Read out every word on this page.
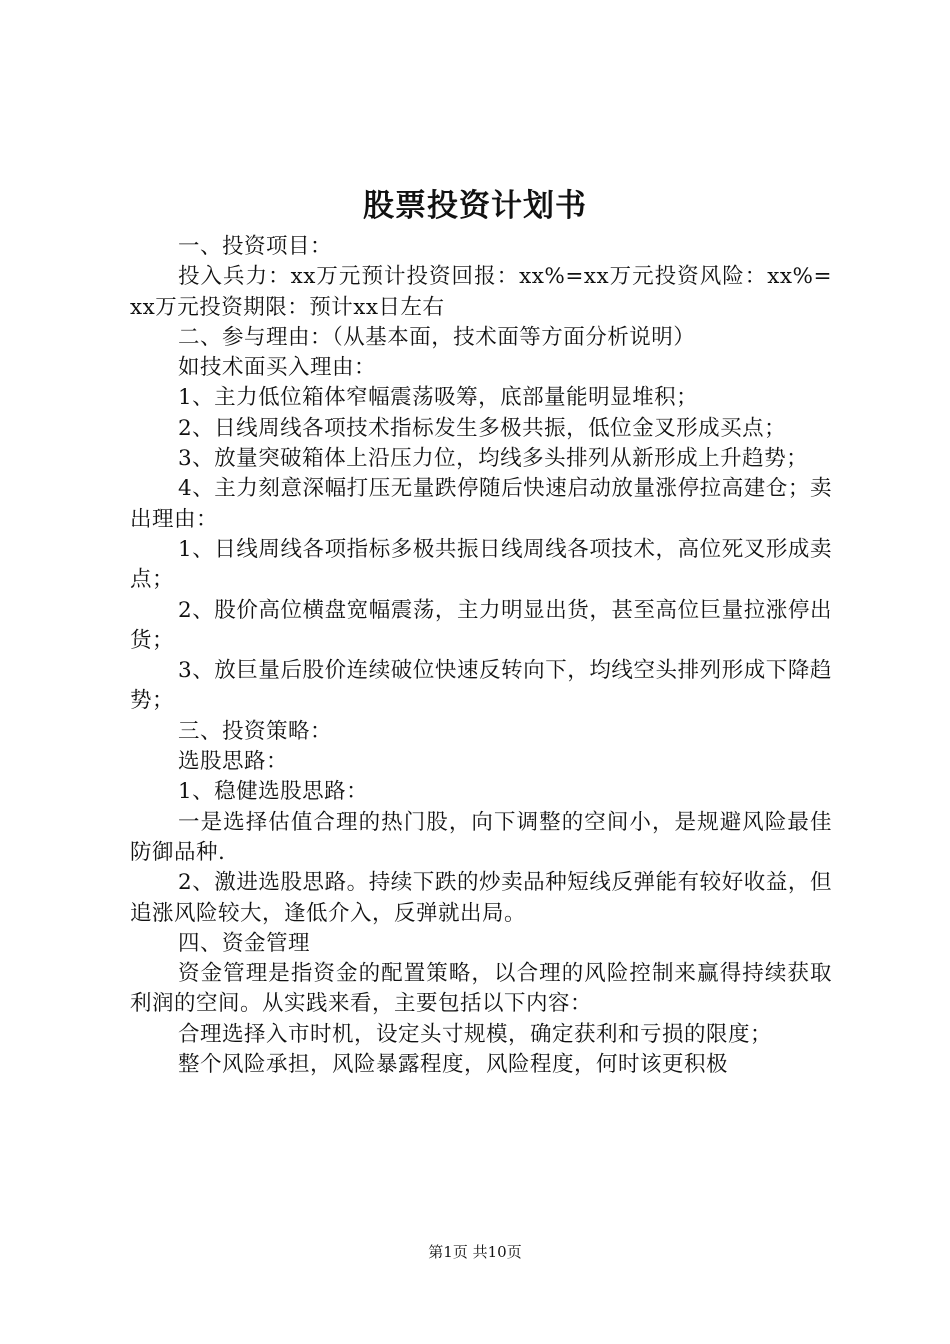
股票投资计划书

一、投资项目：

投入兵力：xx万元预计投资回报：xx%=xx万元投资风险：xx%=xx万元投资期限：预计xx日左右

二、参与理由：（从基本面，技术面等方面分析说明）

如技术面买入理由：

1、主力低位箱体窄幅震荡吸筹，底部量能明显堆积；

2、日线周线各项技术指标发生多极共振，低位金叉形成买点；

3、放量突破箱体上沿压力位，均线多头排列从新形成上升趋势；

4、主力刻意深幅打压无量跌停随后快速启动放量涨停拉高建仓；卖出理由：

1、日线周线各项指标多极共振日线周线各项技术，高位死叉形成卖点；

2、股价高位横盘宽幅震荡，主力明显出货，甚至高位巨量拉涨停出货；

3、放巨量后股价连续破位快速反转向下，均线空头排列形成下降趋势；

三、投资策略：

选股思路：

1、稳健选股思路：

一是选择估值合理的热门股，向下调整的空间小，是规避风险最佳防御品种.

2、激进选股思路。持续下跌的炒卖品种短线反弹能有较好收益，但追涨风险较大，逢低介入，反弹就出局。

四、资金管理

资金管理是指资金的配置策略，以合理的风险控制来赢得持续获取利润的空间。从实践来看，主要包括以下内容：

合理选择入市时机，设定头寸规模，确定获利和亏损的限度；

整个风险承担，风险暴露程度，风险程度，何时该更积极

第1页 共10页
